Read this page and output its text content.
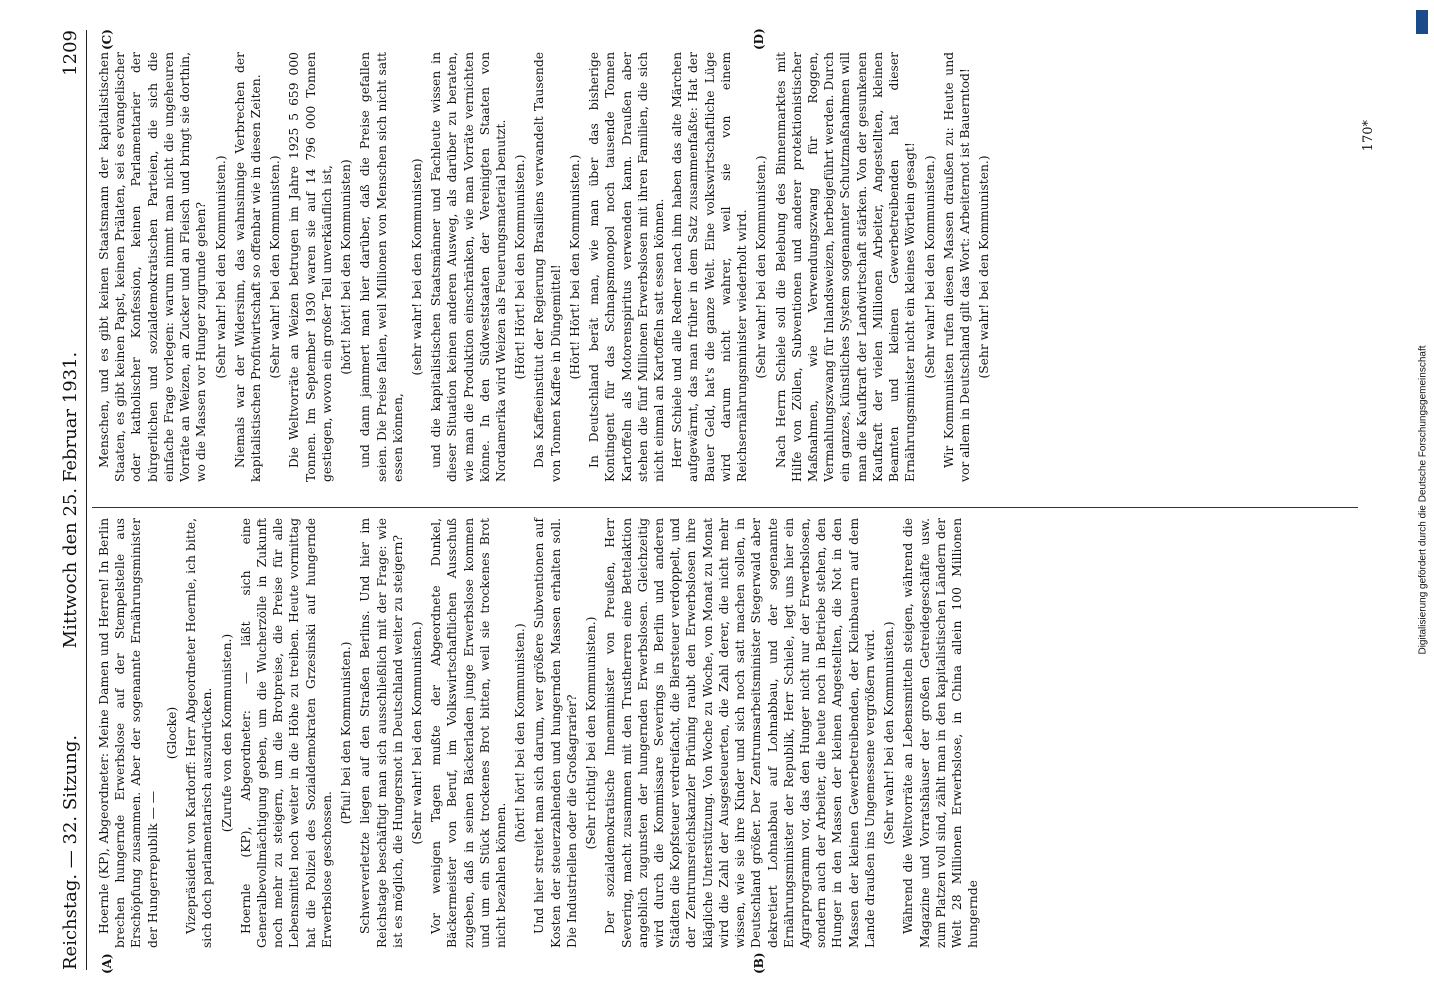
Reichstag. — 32. Sitzung.
Mittwoch den 25. Februar 1931.
1209
(A)	(B)
(C)	(D)

Hoernle (KP), Abgeordneter: Meine Damen und Herren! In Berlin brechen hungernde Erwerbslose auf der Stempelstelle aus Erschöpfung zusammen. Aber der sogenannte Ernährungsminister der Hungerrepublik — —

(Glocke) Vizepräsident von Kardorff: Herr Abgeordneter Hoernle, ich bitte, sich doch parlamentarisch auszudrücken. (Zurufe von den Kommunisten.) Hoernle (KP), Abgeordneter: — läßt sich eine Generalbevollmächtigung geben, um die Wucherzölle in Zukunft noch mehr zu steigern, um die Brotpreise, die Preise für alle Lebensmittel noch weiter in die Höhe zu treiben. Heute vormittag hat die Polizei des Sozialdemokraten Grzesinski auf hungernde Erwerbslose geschossen.

(Pfui! bei den Kommunisten.) Schwerverletzte liegen auf den Straßen Berlins. Und hier im Reichstage beschäftigt man sich ausschließlich mit der Frage: wie ist es möglich, die Hungersnot in Deutschland weiter zu steigern? (Sehr wahr! bei den Kommunisten.) Vor wenigen Tagen mußte der Abgeordnete Dunkel, Bäckermeister von Beruf, im Volkswirtschaftlichen Ausschuß zugeben, daß in seinen Bäckerladen junge Erwerbslose kommen und um ein Stück trockenes Brot bitten, weil sie trockenes Brot nicht bezahlen können.

(hört! hört! bei den Kommunisten.) Und hier streitet man sich darum, wer größere Subventionen auf Kosten der steuerzahlenden und hungernden Massen erhalten soll. Die Industriellen oder die Großagrarier? (Sehr richtig! bei den Kommunisten.) Der sozialdemokratische Innenminister von Preußen, Herr Severing, macht zusammen mit den Trustherren eine Bettelaktion angeblich zugunsten der hungernden Erwerbslosen. Gleichzeitig wird durch die Kommissare Severings in Berlin und anderen Städten die Kopfsteuer verdreifacht, die Biersteuer verdoppelt, und der Zentrumsreichskanzler Brüning raubt den Erwerbslosen ihre klägliche Unterstützung. Von Woche zu Woche, von Monat zu Monat wird die Zahl der Ausgesteuerten, die Zahl derer, die nicht mehr wissen, wie sie ihre Kinder und sich noch satt machen sollen, in Deutschland größer. Der Zentrumsarbeitsminister Stegerwald aber dekretiert Lohnabbau auf Lohnabbau, und der sogenannte Ernährungsminister der Republik, Herr Schiele, legt uns hier ein Agrarprogramm vor, das den Hunger nicht nur der Erwerbslosen, sondern auch der Arbeiter, die heute noch in Betriebe stehen, den Hunger in den Massen der kleinen Angestellten, die Not in den Massen der kleinen Gewerbetreibenden, der Kleinbauern auf dem Lande draußen ins Ungemessene vergrößern wird. (Sehr wahr! bei den Kommunisten.) Während die Weltvorräte an Lebensmitteln steigen, während die Magazine und Vorratshäuser der großen Getreidegeschäfte usw. zum Platzen voll sind, zählt man in den kapitalistischen Ländern der Welt 28 Millionen Erwerbslose, in China allein 100 Millionen hungernde

Menschen, und es gibt keinen Staatsmann der kapitalistischen Staaten, es gibt keinen Papst, keinen Prälaten, sei es evangelischer oder katholischer Konfession, keinen Parlamentarier der bürgerlichen und sozialdemokratischen Parteien, die sich die einfache Frage vorlegen: warum nimmt man nicht die ungeheuren Vorräte an Weizen, an Zucker und an Fleisch und bringt sie dorthin, wo die Massen vor Hunger zugrunde gehen? (Sehr wahr! bei den Kommunisten.) Niemals war der Widersinn, das wahnsinnige Verbrechen der kapitalistischen Profitwirtschaft so offenbar wie in diesen Zeiten. (Sehr wahr! bei den Kommunisten.) Die Weltvorräte an Weizen betrugen im Jahre 1925 5 659 000 Tonnen. Im September 1930 waren sie auf 14 796 000 Tonnen gestiegen, wovon ein großer Teil unverkäuflich ist, (hört! hört! bei den Kommunisten) und dann jammert man hier darüber, daß die Preise gefallen seien. Die Preise fallen, weil Millionen von Menschen sich nicht satt essen können,

(sehr wahr! bei den Kommunisten) und die kapitalistischen Staatsmänner und Fachleute wissen in dieser Situation keinen anderen Ausweg, als darüber zu beraten, wie man die Produktion einschränken, wie man Vorräte vernichten könne. In den Südweststaaten der Vereinigten Staaten von Nordamerika wird Weizen als Feuerungsmaterial benutzt. (Hört! Hört! bei den Kommunisten.) Das Kaffeeinstitut der Regierung Brasiliens verwandelt Tausende von Tonnen Kaffee in Düngemittel! (Hört! Hört! bei den Kommunisten.) In Deutschland berät man, wie man über das bisherige Kontingent für das Schnapsmonopol noch tausende Tonnen Kartoffeln als Motorenspiritus verwenden kann. Draußen aber stehen die fünf Millionen Erwerbslosen mit ihren Familien, die sich nicht einmal an Kartoffeln satt essen können. Herr Schiele und alle Redner nach ihm haben das alte Märchen aufgewärmt, das man früher in dem Satz zusammenfaßte: Hat der Bauer Geld, hat's die ganze Welt. Eine volkswirtschaftliche Lüge wird darum nicht wahrer, weil sie von einem Reichsernährungsminister wiederholt wird. (Sehr wahr! bei den Kommunisten.) Nach Herrn Schiele soll die Belebung des Binnenmarktes mit Hilfe von Zöllen, Subventionen und anderer protektionistischer Maßnahmen, wie Verwendungszwang für Roggen, Vermahlungszwang für Inlandsweizen, herbeigeführt werden. Durch ein ganzes, künstliches System sogenannter Schutzmaßnahmen will man die Kaufkraft der Landwirtschaft stärken. Von der gesunkenen Kaufkraft der vielen Millionen Arbeiter, Angestellten, kleinen Beamten und kleinen Gewerbetreibenden hat dieser Ernährungsminister nicht ein kleines Wörtlein gesagt! (Sehr wahr! bei den Kommunisten.) Wir Kommunisten rufen diesen Massen draußen zu: Heute und vor allem in Deutschland gilt das Wort: Arbeiternot ist Bauerntod! (Sehr wahr! bei den Kommunisten.)

170*
Digitalisierung gefördert durch die Deutsche Forschungsgemeinschaft
